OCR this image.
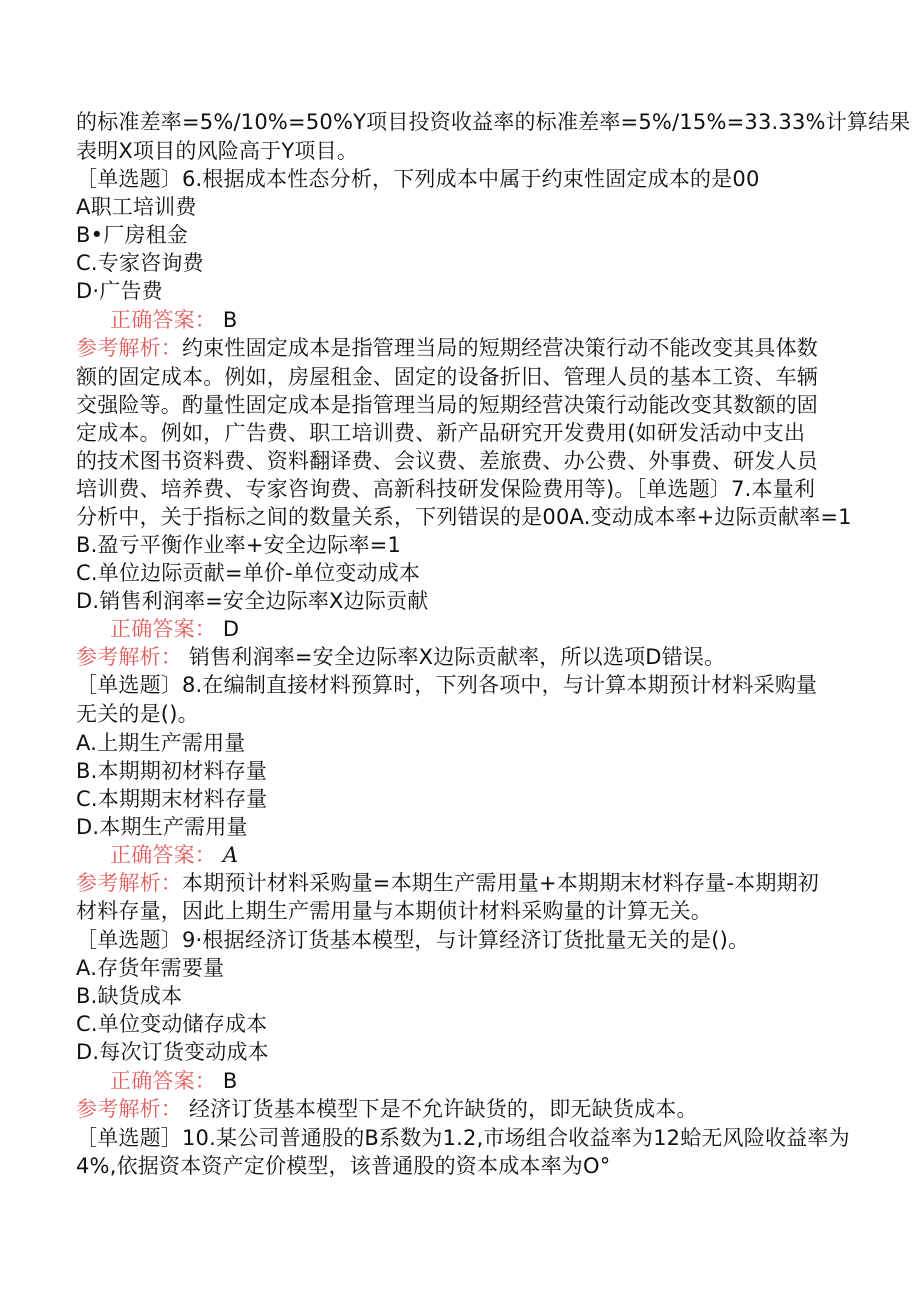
的标准差率=5%/10%=50%Y项目投资收益率的标准差率=5%/15%=33.33%计算结果

表明X项目的风险高于Y项目。

［单选题〕6.根据成本性态分析，下列成本中属于约束性固定成本的是00

A职工培训费

B•厂房租金

C.专家咨询费

D·广告费

正确答案： B

参考解析：约束性固定成本是指管理当局的短期经营决策行动不能改变其具体数

额的固定成本。例如，房屋租金、固定的设备折旧、管理人员的基本工资、车辆

交强险等。酌量性固定成本是指管理当局的短期经营决策行动能改变其数额的固

定成本。例如，广告费、职工培训费、新产品研究开发费用(如研发活动中支出

的技术图书资料费、资料翻译费、会议费、差旅费、办公费、外事费、研发人员

培训费、培养费、专家咨询费、高新科技研发保险费用等)。［单选题〕7.本量利

分析中，关于指标之间的数量关系，下列错误的是00A.变动成本率+边际贡献率=1

B.盈亏平衡作业率+安全边际率=1

C.单位边际贡献=单价-单位变动成本

D.销售利润率=安全边际率X边际贡献

正确答案： D

参考解析： 销售利润率=安全边际率X边际贡献率，所以选项D错误。

［单选题〕8.在编制直接材料预算时，下列各项中，与计算本期预计材料采购量

无关的是()。

A.上期生产需用量

B.本期期初材料存量

C.本期期末材料存量

D.本期生产需用量

正确答案： A

参考解析：本期预计材料采购量=本期生产需用量+本期期末材料存量-本期期初

材料存量，因此上期生产需用量与本期侦计材料采购量的计算无关。

［单选题〕9·根据经济订货基本模型，与计算经济订货批量无关的是()。

A.存货年需要量

B.缺货成本

C.单位变动储存成本

D.每次订货变动成本

正确答案： B

参考解析： 经济订货基本模型下是不允许缺货的，即无缺货成本。

［单选题］10.某公司普通股的B系数为1.2,市场组合收益率为12蛤无风险收益率为

4%,依据资本资产定价模型，该普通股的资本成本率为O°
